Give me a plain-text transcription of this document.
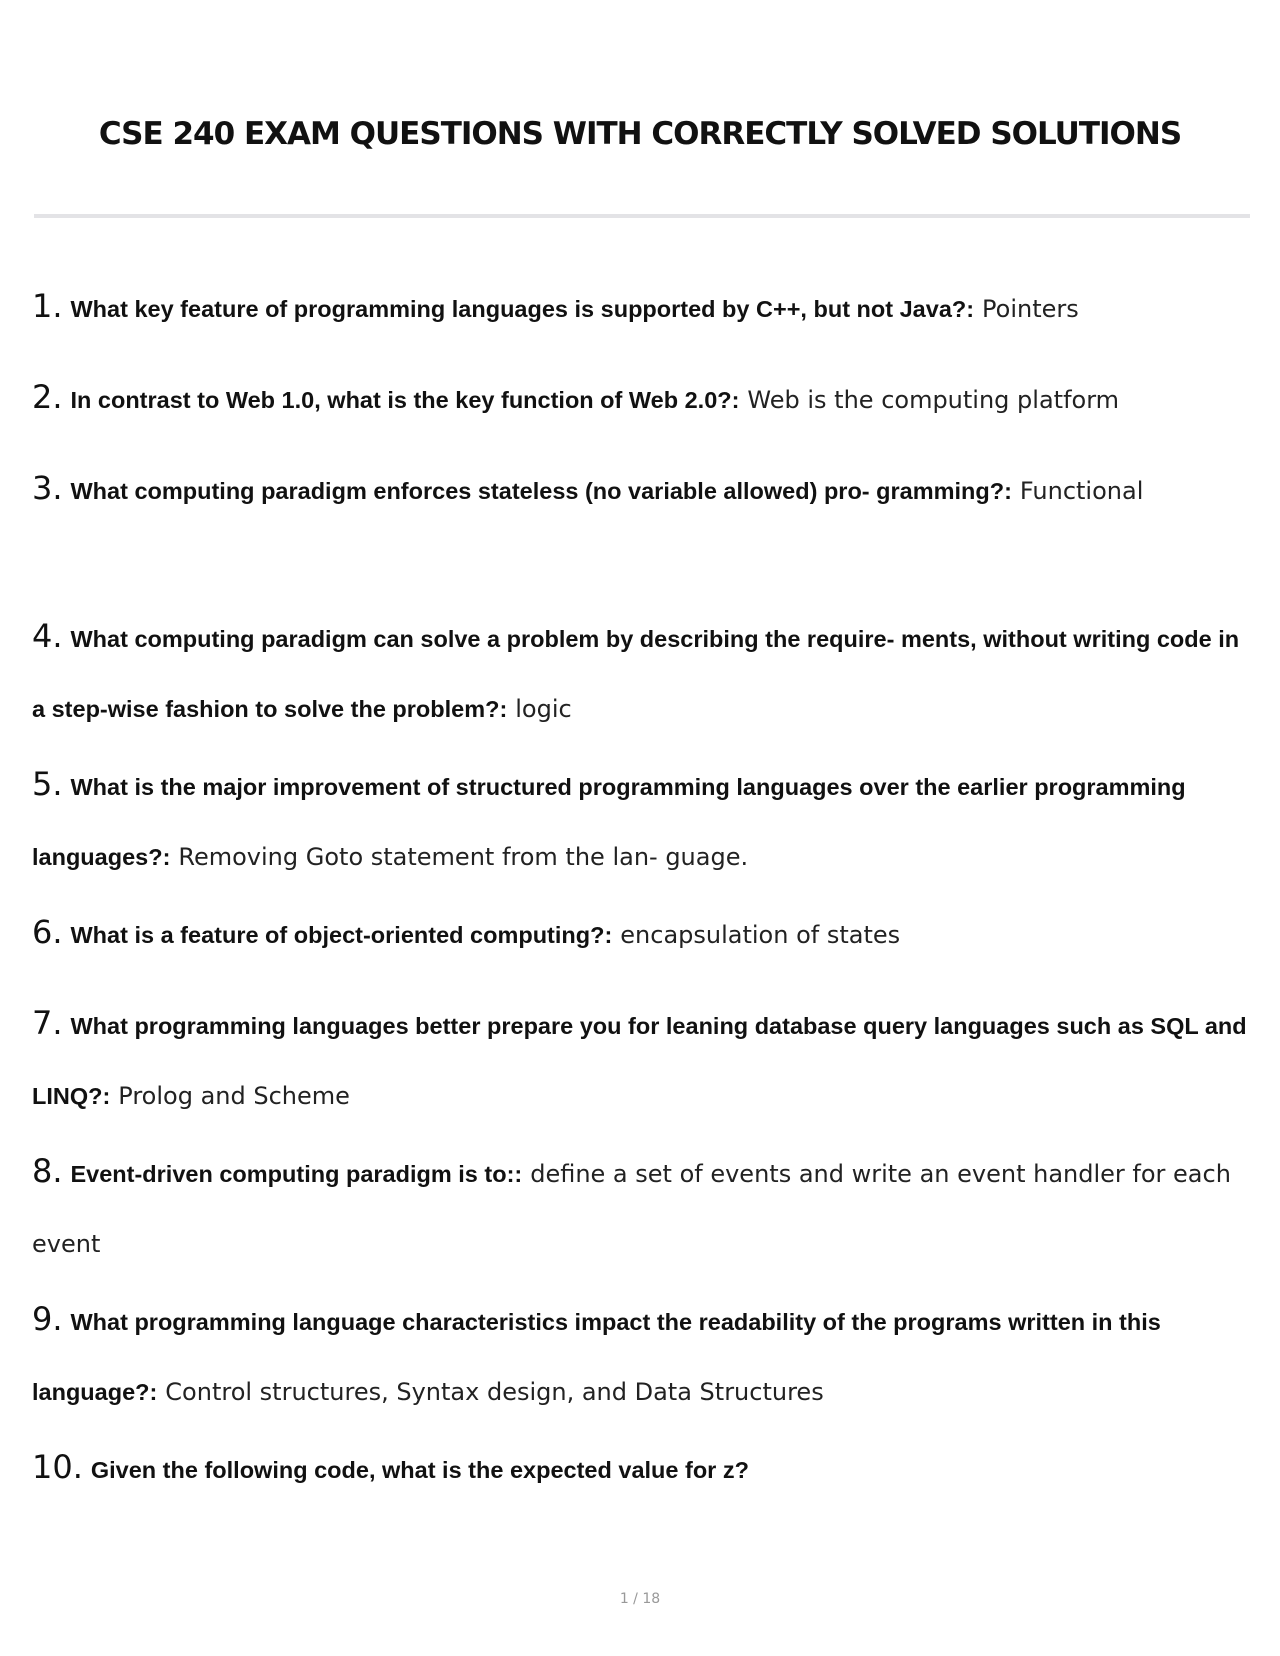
CSE 240 EXAM QUESTIONS WITH CORRECTLY SOLVED SOLUTIONS

1. What key feature of programming languages is supported by C++, but not Java?: Pointers

2. In contrast to Web 1.0, what is the key function of Web 2.0?: Web is the computing platform

3. What computing paradigm enforces stateless (no variable allowed) pro- gramming?: Functional

4. What computing paradigm can solve a problem by describing the require- ments, without writing code in a step-wise fashion to solve the problem?: logic

5. What is the major improvement of structured programming languages over the earlier programming languages?: Removing Goto statement from the lan- guage.

6. What is a feature of object-oriented computing?: encapsulation of states

7. What programming languages better prepare you for leaning database query languages such as SQL and LINQ?: Prolog and Scheme

8. Event-driven computing paradigm is to:: define a set of events and write an event handler for each event

9. What programming language characteristics impact the readability of the programs written in this language?: Control structures, Syntax design, and Data Structures

10. Given the following code, what is the expected value for z?

1 / 18
